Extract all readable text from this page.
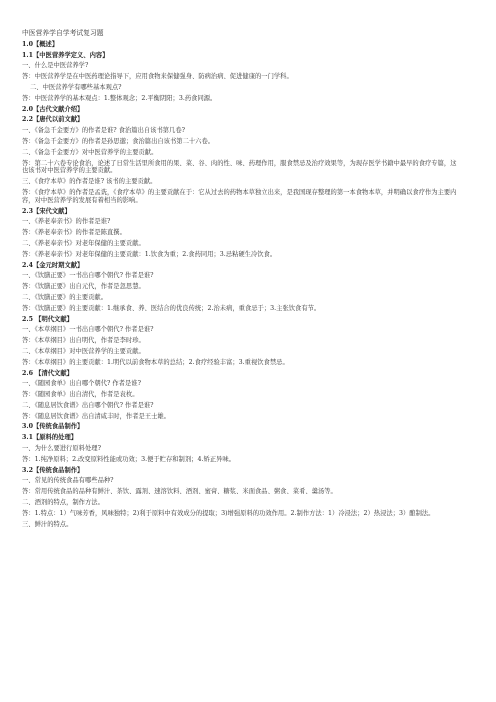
中医营养学自学考试复习题
1.0【概述】
1.1【中医营养学定义、内容】
一、什么是中医营养学?
答：中医营养学是在中医药理论指导下，应用食物来保健强身、防病治病、促进健康的一门学科。
二、中医营养学有哪些基本观点?
答：中医营养学的基本观点：1.整体观念；2.平衡阴阳；3.药食同源。
2.0【古代文献介绍】
2.2【唐代以前文献】
一、《备急千金要方》的作者是谁? 食治篇出自该书第几卷?
答：《备急千金要方》的作者是孙思邈；食治篇出自该书第二十六卷。
二、《备急千金要方》对中医营养学的主要贡献。
答：第二十六卷专论食治，论述了日常生活里所食用的果、菜、谷、肉的性、味、药理作用，服食禁忌及治疗效果等，为现存医学书籍中最早的食疗专篇，这也该书对中医营养学的主要贡献。
三、《食疗本草》的作者是谁? 该书的主要贡献。
答：《食疗本草》的作者是孟诜，《食疗本草》的主要贡献在于：它从过去的药物本草独立出来，是我国现存整理的第一本食物本草，并明确以食疗作为主要内容，对中医营养学的发展有着相当的影响。
2.3【宋代文献】
一、《养老奉亲书》的作者是谁?
答：《养老奉亲书》的作者是陈直撰。
二、《养老奉亲书》对老年保健的主要贡献。
答：《养老奉亲书》对老年保健的主要贡献：1.饮食为重；2.食药同用；3.忌粘硬生冷饮食。
2.4【金元时期文献】
一、《饮膳正要》一书出自哪个朝代? 作者是谁?
答：《饮膳正要》出自元代，作者是忽思慧。
二、《饮膳正要》的主要贡献。
答：《饮膳正要》的主要贡献：1.继承食、养、医结合的优良传统；2.治未病，重食忌于；3.主张饮食有节。
2.5 【明代文献】
一、《本草纲目》一书出自哪个朝代? 作者是谁?
答：《本草纲目》出自明代，作者是李时珍。
二、《本草纲目》对中医营养学的主要贡献。
答：《本草纲目》的主要贡献：1.明代以前食物本草的总结；2.食疗经验丰富；3.重视饮食禁忌。
2.6 【清代文献】
一、《随园食单》出自哪个朝代? 作者是谁?
答：《随园食单》出自清代，作者是袁枚。
二、《随息居饮食谱》出自哪个朝代? 作者是谁?
答：《随息居饮食谱》出自清咸丰时，作者是王士雄。
3.0【传统食品制作】
3.1【原料的处理】
一、为什么要进行原料处理?
答：1.纯净原料；2.改变原料性能或功效；3.便于贮存和制剂；4.矫正异味。
3.2【传统食品制作】
一、常见的传统食品有哪些品种?
答：常用传统食品的品种有鲜汁、茶饮、露剂、速溶饮料、酒剂、蜜膏、糖浆、米面食品、粥食、菜肴、羹汤等。
二、酒剂的特点，制作方法。
答：1.特点：1）气味芳香，风味独特；2)利于原料中有效成分的提取；3)增强原料的功效作用。2.制作方法：1）冷浸法；2）热浸法；3）酿制法。
三、鲜汁的特点。
